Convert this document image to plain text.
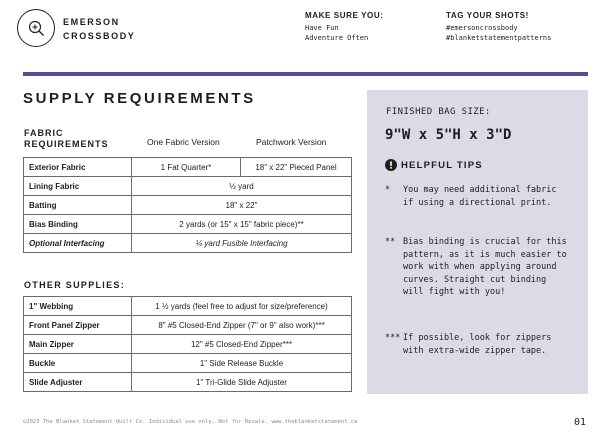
EMERSON
CROSSBODY
MAKE SURE YOU:
Have Fun
Adventure Often
TAG YOUR SHOTS!
#emersoncrossbody
#blanketstatementpatterns
SUPPLY REQUIREMENTS
FABRIC
REQUIREMENTS	One Fabric Version	Patchwork Version
Exterior Fabric	1 Fat Quarter*	18" x 22" Pieced Panel
Lining Fabric	½ yard	
Batting	18" x 22"	
Bias Binding	2 yards (or 15" x 15" fabric piece)**	
Optional Interfacing	¼ yard Fusible Interfacing	
OTHER SUPPLIES:
1" Webbing	1 ½ yards (feel free to adjust for size/preference)
Front Panel Zipper	8" #5 Closed-End Zipper (7" or 9" also work)***
Main Zipper	12" #5 Closed-End Zipper***
Buckle	1" Side Release Buckle
Slide Adjuster	1" Tri-Glide Slide Adjuster
FINISHED BAG SIZE:
9"W x 5"H x 3"D
HELPFUL TIPS
*	You may need additional fabric if using a directional print.
** Bias binding is crucial for this pattern, as it is much easier to work with when applying around curves. Straight cut binding will fight with you!
*** If possible, look for zippers with extra-wide zipper tape.
©2023 The Blanket Statement Quilt Co. Individual use only. Not for Resale. www.theblanketstatement.ca	01
